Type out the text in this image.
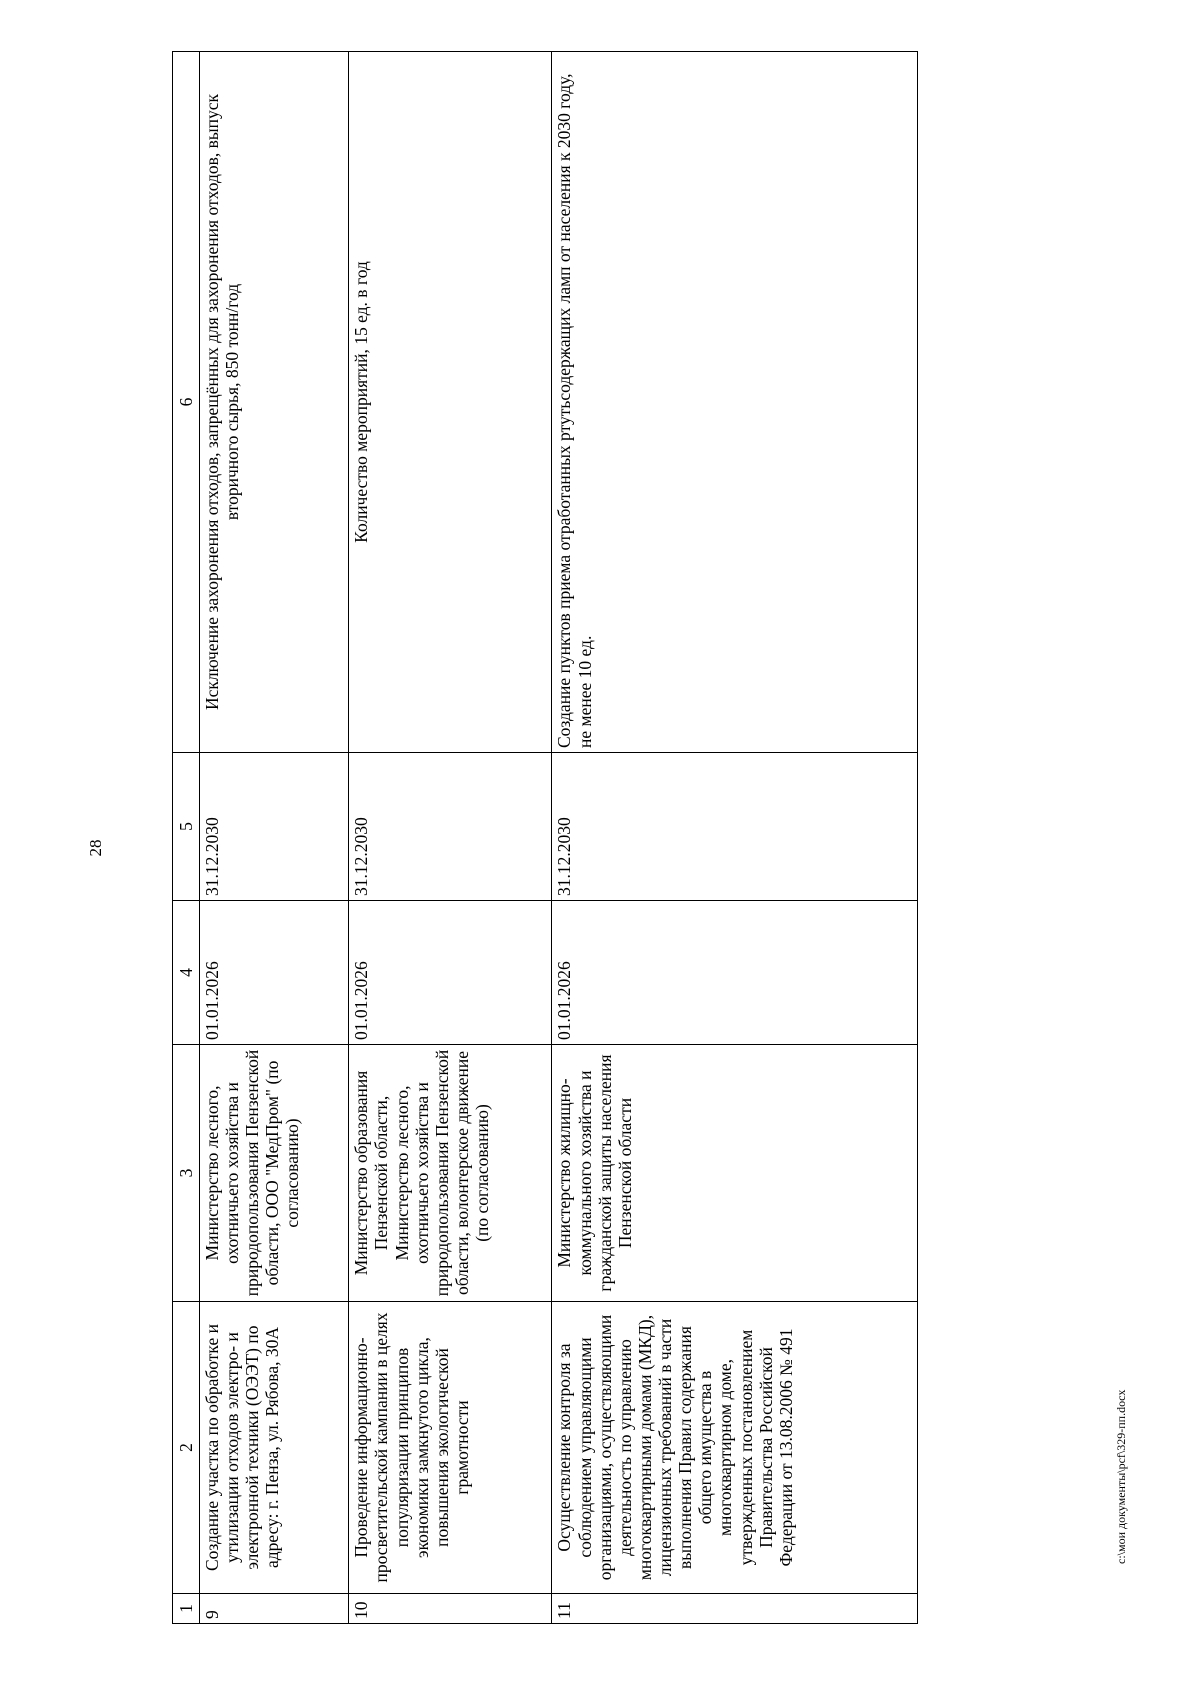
28
1	2	3	4	5	6
9	Создание участка по обработке и утилизации отходов электро- и электронной техники (ОЭЭТ) по адресу: г. Пенза, ул. Рябова, 30А	Министерство лесного, охотничьего хозяйства и природопользования Пензенской области, ООО "МедПром" (по согласованию)	01.01.2026	31.12.2030	Исключение захоронения отходов, запрещённых для захоронения отходов, выпуск вторичного сырья, 850 тонн/год
10	Проведение информационно-просветительской кампании в целях популяризации принципов экономики замкнутого цикла, повышения экологической грамотности	Министерство образования Пензенской области, Министерство лесного, охотничьего хозяйства и природопользования Пензенской области, волонтерское движение (по согласованию)	01.01.2026	31.12.2030	Количество мероприятий, 15 ед. в год
11	Осуществление контроля за соблюдением управляющими организациями, осуществляющими деятельность по управлению многоквартирными домами (МКД), лицензионных требований в части выполнения Правил содержания общего имущества в многоквартирном доме, утвержденных постановлением Правительства Российской Федерации от 13.08.2006 № 491	Министерство жилищно-коммунального хозяйства и гражданской защиты населения Пензенской области	01.01.2026	31.12.2030	Создание пунктов приема отработанных ртутьсодержащих ламп от населения к 2030 году, не менее 10 ед.
c:\мои документы\pcf\329-пп.docx
